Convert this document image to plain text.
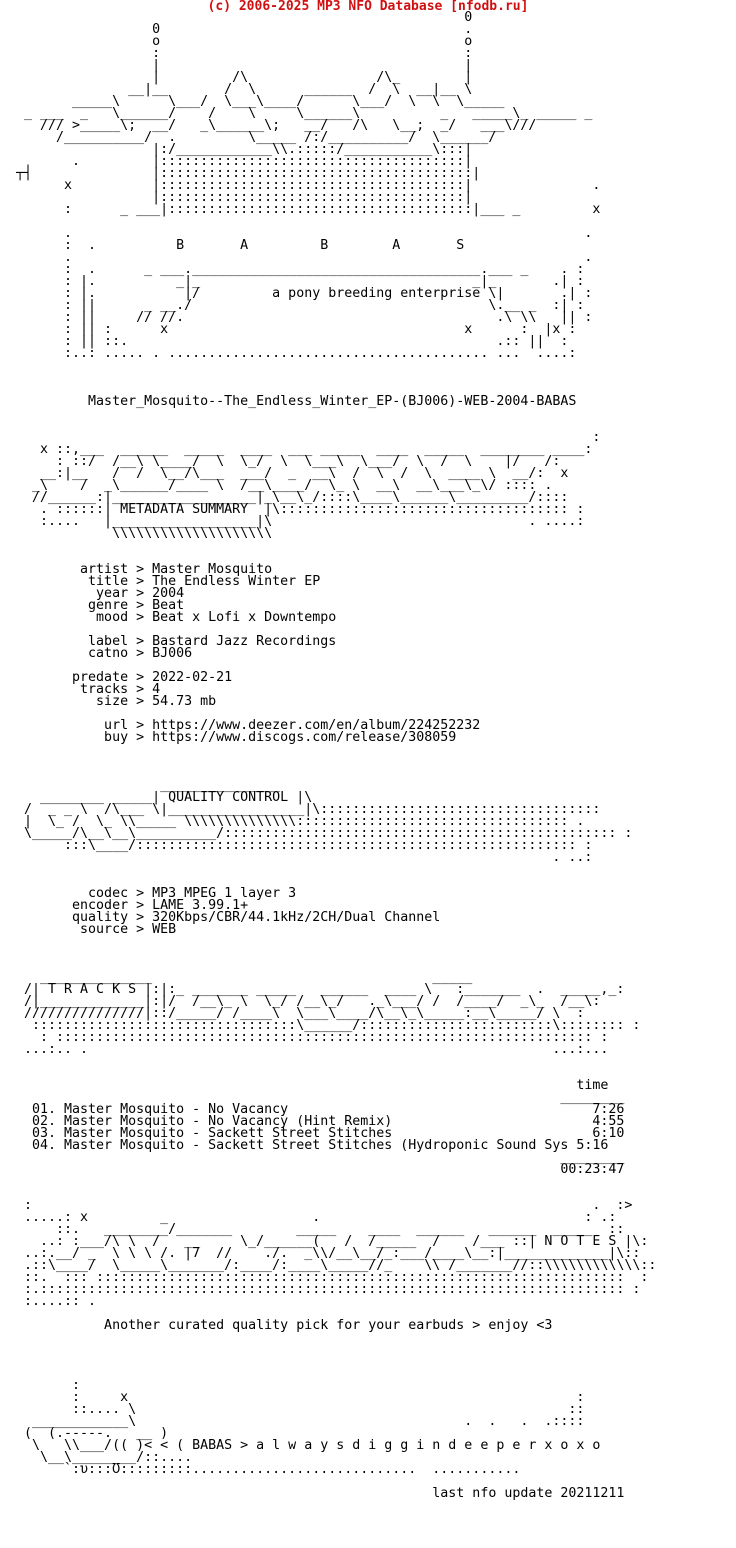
(c) 2006-2025 MP3 NFO Database [nfodb.ru]
0
0                                      .
o                                      o
:                                      :
|                                      |
|         /\                /\_        |
__|__       /  \      ______  /  \  __|__ \
_____\      \___/  \___\____/      \___/  \  \  \_____
_ ___  _   \______/    /    \     \______\          _   _____\_ _____ _
/// >_____\;  __/   _\______\;   __/   /\   \__;  _/   ___\///
/__________/  .         \_____ /:/__________/  \______/
|:/____________\\.:::::/___________\:::|
.         |::::::::::::::::::::::::::::::::::::::|
┬┤               |:::::::::::::::::::::::::::::::::::::::|
x          |::::::::::::::::::::::::::::::::::::::|               .
|::::::::::::::::::::::::::::::::::::::|
:      _ ___|::::::::::::::::::::::::::::::::::::::|___ _         x

.                                                                .
:  .          B       A         B        A       S
.                                                                .
:  .      _ ___.____________________________________.___ _    . :
: |.          _|_                                  _|_       .| :
: |.           |/         a pony breeding enterprise \|       .| :
: ||      _ __./                                     \.__ _  :| :
: ||     // //.                                       .\ \\   || :
: || :      x                                     x      :  |x :
: || ::.                                              .:: ||  :
:..: ..... . ........................................ ...  ....:

Master_Mosquito--The_Endless_Winter_EP-(BJ006)-WEB-2004-BABAS

:
x ::,___  ______  _____  ____  ___ _____  ____  _____  ________ ____:
: ::/  /__\ \____/  \  \_/  \  \___\  \___/  \  /  \    |/   /:
__:|__   /  /  \__/\___  ___/  _  __\  /  \  /  \  ____ \  __/:  x
_\    /  _\______/____ \  /__\____/  \_ \  __\  __\___\_\/ :::: .
//______:|__________________|_\__\_/::::\____\______\_________/::::
. ::::::| METADATA SUMMARY  |\:::::::::::::::::::::::::::::::::::: :
:....   |__________________|\                                . ....:
\\\\\\\\\\\\\\\\\\\\

artist > Master Mosquito
title > The Endless Winter EP
year > 2004
genre > Beat
mood > Beat x Lofi x Downtempo

label > Bastard Jazz Recordings
catno > BJ006

predate > 2022-02-21
tracks > 4
size > 54.73 mb

url > https://www.deezer.com/en/album/224252232
buy > https://www.discogs.com/release/308059

_______________
________ _____| QUALITY CONTROL |\
/  _ _ \  /\___ \|_________________|\:::::::::::::::::::::::::::::::::::
|  \_ /  \_ \\_____ \\\\\\\\\\\\\\:::::::::::::::::::::::::::::::::: .
\_____/\__\__\__________/::::::::::::::::::::::::::::::::::::::::::::::::: :
:::\____/::::::::::::::::::::::::::::::::::::::::::::::::::::::: :
. ..:

codec > MP3 MPEG 1 layer 3
encoder > LAME 3.99.1+
quality > 320Kbps/CBR/44.1kHz/2CH/Dual Channel
source > WEB

______________                                   _____
/| T R A C K S |:|:_ _______ _____   ______  ____ \   :_______  .  _____,_:
/|_____________|:|/  /__\_ \  \_/ /__\_/   ._\___/ /  /____/  _\_  /__\:
///////////////|::/_____/ /____\  \___\____/\__\_\_____:__\_____/ \  :
:::::::::::::::::::::::::::::::::\______/::::::::::::::::::::::::\:::::::: :
: ::::::::::::::::::::::::::::::::::::::::::::::::::::::::::::::::::: :
...:.. .                                                          ...:...

time
________
01. Master Mosquito - No Vacancy                                      7:26
02. Master Mosquito - No Vacancy (Hint Remix)                         4:55
03. Master Mosquito - Sackett Street Stitches                         6:10
04. Master Mosquito - Sackett Street Stitches (Hydroponic Sound Sys 5:16
________
00:23:47

:                                                                      .  :>
.....: x         _                  .                                 : .:
::.   ________/_______        _____    ____  ______   ______  _____  ::
..: :___/\ \  /   __     \_/______(   /  /_____  /    /___ ::| N O T E S |\:
..:.__/ _  \ \ \ /. |7  //    ./.  _\\/__\__/_:___/____\__:|_____________|\::
.::\____/  \_____\_______/:____/:____\_____//_    \\ /_______//::\\\\\\\\\\\\::
::.  ::: ::::::::::::::::::::::::::::::::::::::::::::::::::::::::::::::::::  :
:.::::::::::::::::::::::::::::::::::::::::::::::::::::::::::::::::::::::::: :
:....:: .

Another curated quality pick for your earbuds > enjoy <3

:
:     x                                                        :
::.... \                                                      ::
____________\                                         .  .   .  .::::
(  (.-----.   __ )
\   \\___/(( )< < ( BABAS > a l w a y s d i g g i n d e e p e r x o x o
\__\________/::....
`:υ:::Ʊ:::::::::............................  ...........

last nfo update 20211211
